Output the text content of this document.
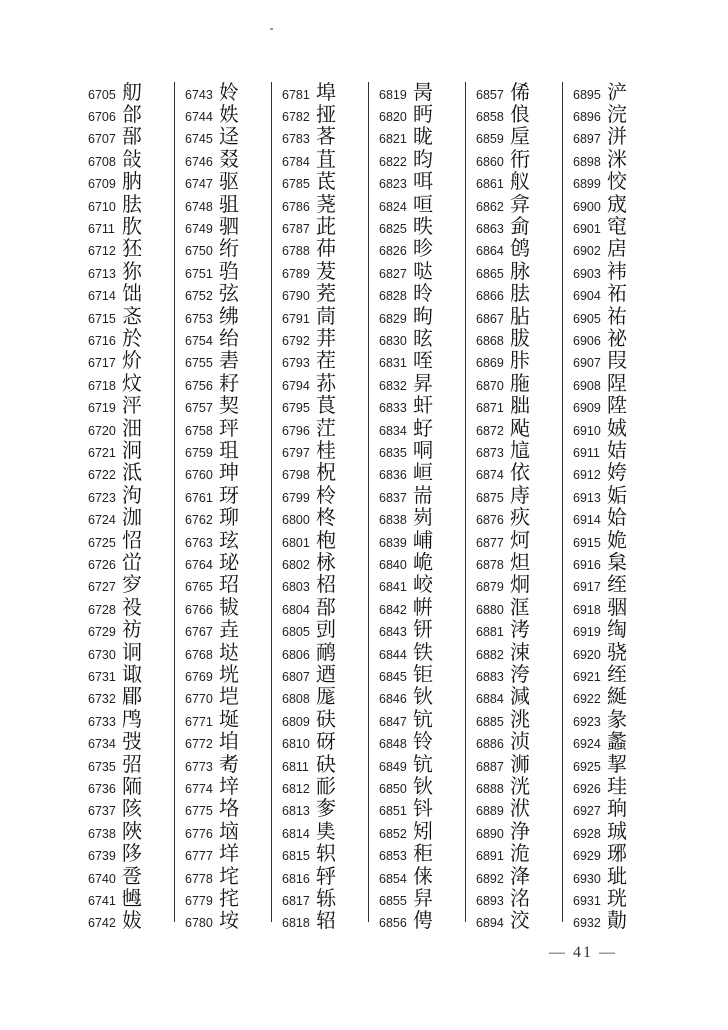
6705 舠
6706 郃
6707 郚
6708 敆
6709 肭
6710 胠
6711 肷
6712 狉
6713 狝
6714 饳
6715 忞
6716 於
6717 炌
6718 炆
6719 泙
6720 沺
6721 泂
6722 泜
6723 泃
6724 泇
6725 怊
6726 峃
6727 穸
6728 祋
6729 祊
6730 诇
6731 诹
6732 郿
6733 鸤
6734 弢
6735 弨
6736 陑
6737 陔
6738 陜
6739 陊
6740 卺
6741 乸
6742 妭
6743 姈
6744 妷
6745 迳
6746 叕
6747 驱
6748 驵
6749 驷
6750 绗
6751 驺
6752 弦
6753 绋
6754 绐
6755 砉
6756 耔
6757 契
6758 玶
6759 珇
6760 珅
6761 玡
6762 珋
6763 玹
6764 珌
6765 玿
6766 韨
6767 垚
6768 垯
6769 垙
6770 垲
6771 埏
6772 垍
6773 耇
6774 垶
6775 垎
6776 垴
6777 垟
6778 垞
6779 挓
6780 垵
6781 埠
6782 挜
6783 茖
6784 苴
6785 茋
6786 荛
6787 茈
6788 茽
6789 茇
6790 茺
6791 茼
6792 荓
6793 茬
6794 荪
6795 茛
6796 茳
6797 桂
6798 柷
6799 柃
6800 柊
6801 枹
6802 栐
6803 柖
6804 郚
6805 剅
6806 鸸
6807 迺
6808 厖
6809 砆
6810 砑
6811 砄
6812 耏
6813 奓
6814 奊
6815 轵
6816 轷
6817 轹
6818 轺
6819 昺
6820 眄
6821 昽
6822 昀
6823 咡
6824 咺
6825 昳
6826 昣
6827 哒
6828 昤
6829 昫
6830 昡
6831 咥
6832 昇
6833 虷
6834 虸
6835 哃
6836 峘
6837 耑
6838 峛
6839 峬
6840 峗
6841 峧
6842 帲
6843 钘
6844 铁
6845 钜
6846 钬
6847 钪
6848 铃
6849 钪
6850 钬
6851 钭
6852 矧
6853 秬
6854 俫
6855 舁
6856 俜
6857 俙
6858 俍
6859 垕
6860 衎
6861 舣
6862 弇
6863 侴
6864 鸧
6865 脉
6866 胠
6867 胋
6868 胈
6869 胩
6870 胣
6871 胐
6872 飐
6873 訄
6874 依
6875 庤
6876 疢
6877 炣
6878 炟
6879 炯
6880 洭
6881 洘
6882 涑
6883 洿
6884 減
6885 洮
6886 浈
6887 浉
6888 洸
6889 洑
6890 浄
6891 洈
6892 洚
6893 洺
6894 洨
6895 浐
6896 浣
6897 洴
6898 洣
6899 恔
6900 宬
6901 窀
6902 扂
6903 袆
6904 祏
6905 祐
6906 祕
6907 叚
6908 陧
6909 陞
6910 娀
6911 姞
6912 姱
6913 姤
6914 姶
6915 姽
6916 枲
6917 绖
6918 骃
6919 绹
6920 骁
6921 绖
6922 綖
6923 彖
6924 蠡
6925 挈
6926 珪
6927 珦
6928 珹
6929 琊
6930 玼
6931 珖
6932 勣
— 41 —
